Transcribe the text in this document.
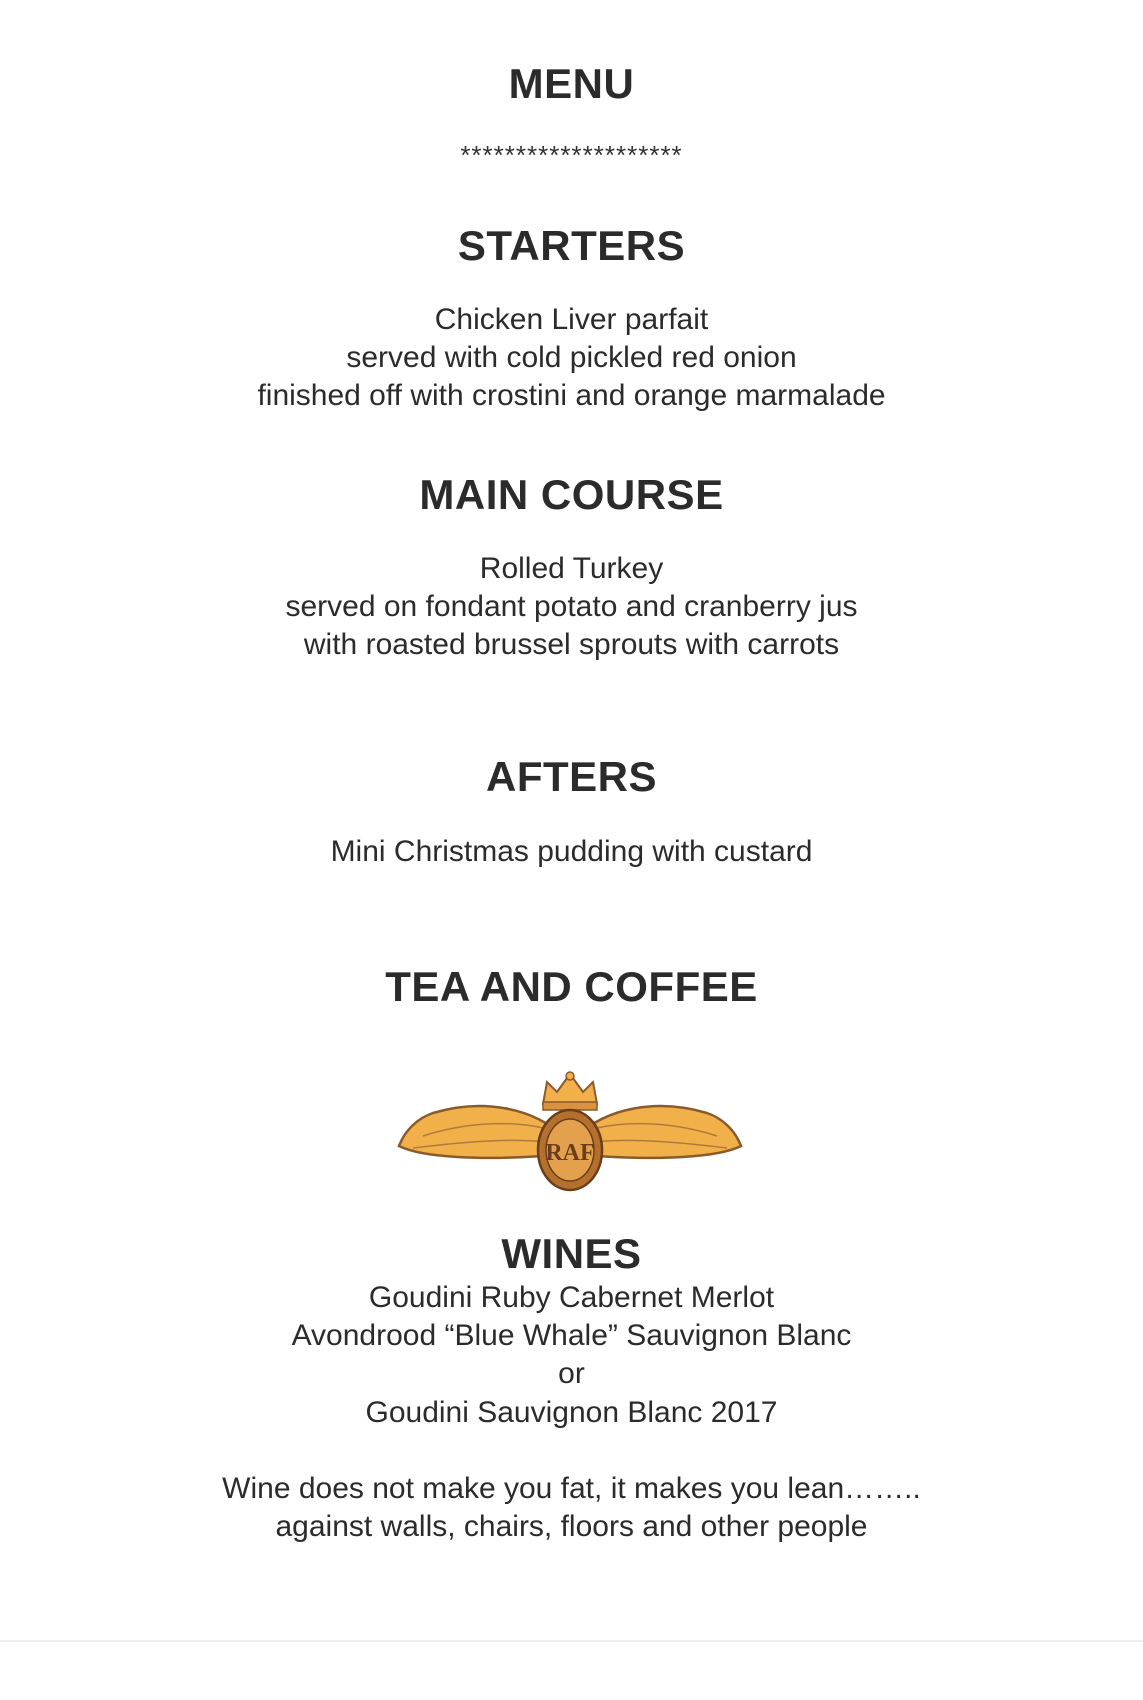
MENU
********************
STARTERS
Chicken Liver parfait
served with cold pickled red onion
finished off with crostini and orange marmalade
MAIN COURSE
Rolled Turkey
served on fondant potato and cranberry jus
with roasted brussel sprouts with carrots
AFTERS
Mini Christmas pudding with custard
TEA AND COFFEE
RAF
WINES
Goudini Ruby Cabernet Merlot
Avondrood “Blue Whale” Sauvignon Blanc
or
Goudini Sauvignon Blanc 2017
Wine does not make you fat, it makes you lean……..
against walls, chairs, floors and other people
